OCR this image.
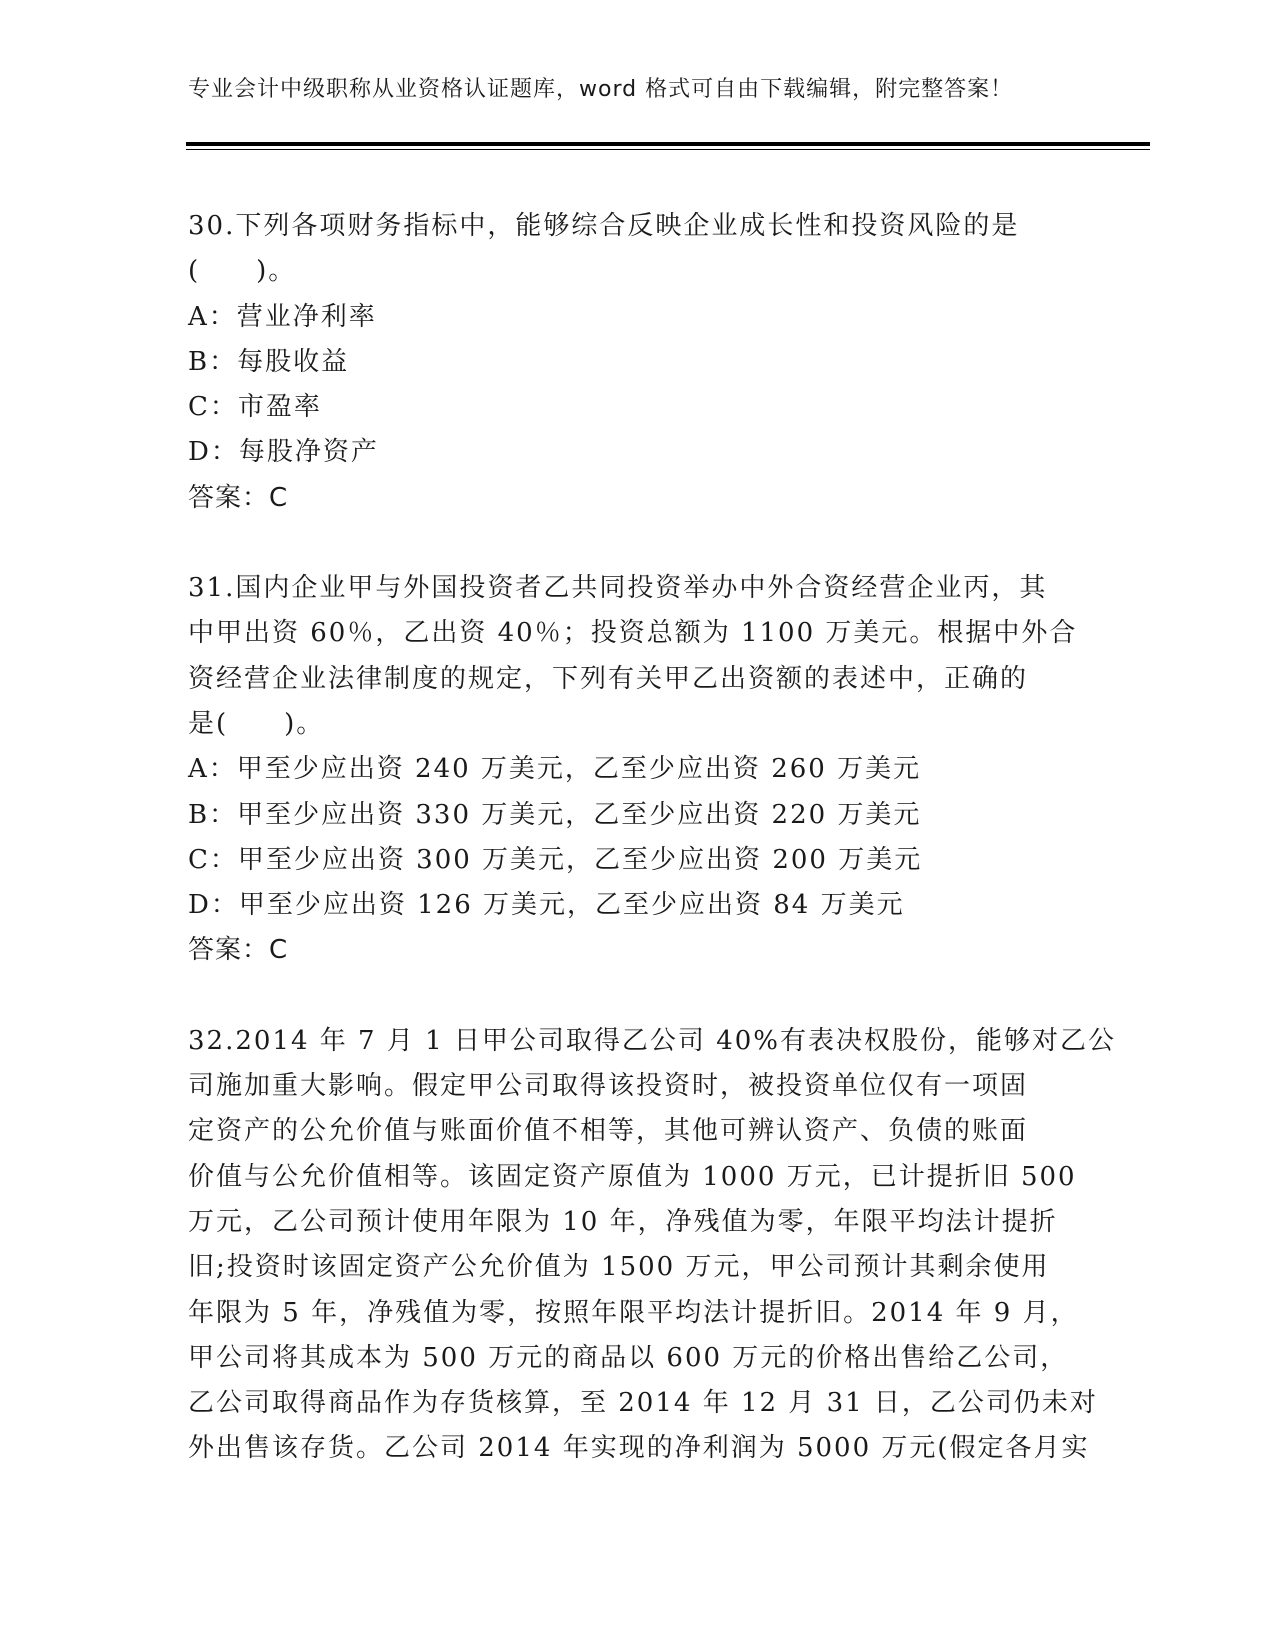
专业会计中级职称从业资格认证题库，word 格式可自由下载编辑，附完整答案！
30.下列各项财务指标中，能够综合反映企业成长性和投资风险的是
(　　)。
A：营业净利率
B：每股收益
C：市盈率
D：每股净资产
答案：C
31.国内企业甲与外国投资者乙共同投资举办中外合资经营企业丙，其
中甲出资 60％，乙出资 40％；投资总额为 1100 万美元。根据中外合
资经营企业法律制度的规定，下列有关甲乙出资额的表述中，正确的
是(　　)。
A：甲至少应出资 240 万美元，乙至少应出资 260 万美元
B：甲至少应出资 330 万美元，乙至少应出资 220 万美元
C：甲至少应出资 300 万美元，乙至少应出资 200 万美元
D：甲至少应出资 126 万美元，乙至少应出资 84 万美元
答案：C
32.2014 年 7 月 1 日甲公司取得乙公司 40%有表决权股份，能够对乙公
司施加重大影响。假定甲公司取得该投资时，被投资单位仅有一项固
定资产的公允价值与账面价值不相等，其他可辨认资产、负债的账面
价值与公允价值相等。该固定资产原值为 1000 万元，已计提折旧 500
万元，乙公司预计使用年限为 10 年，净残值为零，年限平均法计提折
旧;投资时该固定资产公允价值为 1500 万元，甲公司预计其剩余使用
年限为 5 年，净残值为零，按照年限平均法计提折旧。2014 年 9 月，
甲公司将其成本为 500 万元的商品以 600 万元的价格出售给乙公司，
乙公司取得商品作为存货核算，至 2014 年 12 月 31 日，乙公司仍未对
外出售该存货。乙公司 2014 年实现的净利润为 5000 万元(假定各月实
